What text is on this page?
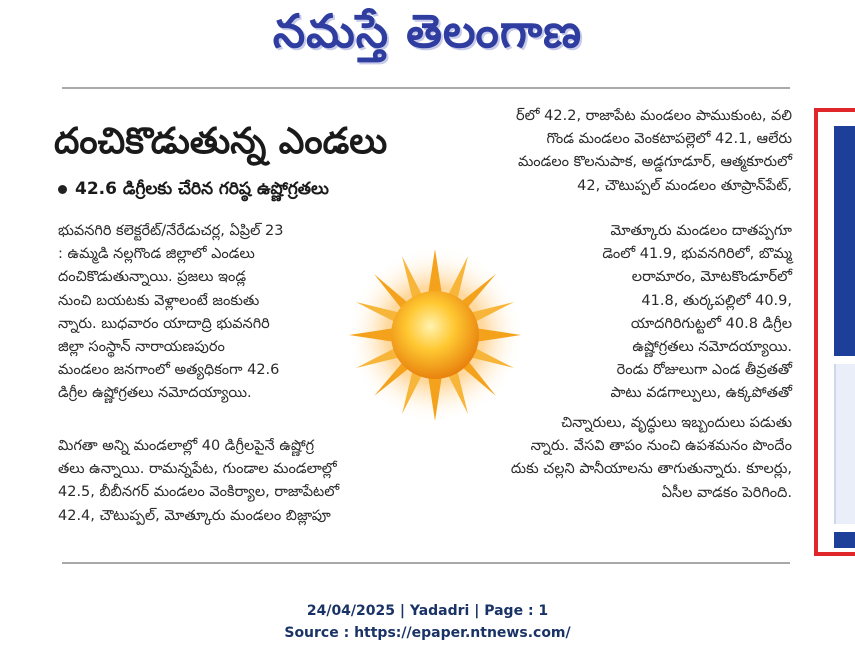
నమస్తే తెలంగాణ
దంచికొడుతున్న ఎండలు
42.6 డిగ్రీలకు చేరిన గరిష్ఠ ఉష్ణోగ్రతలు

భువనగిరి కలెక్టరేట్/నేరేడుచర్ల, ఏప్రిల్ 23

: ఉమ్మడి నల్లగొండ జిల్లాలో ఎండలు

దంచికొడుతున్నాయి. ప్రజలు ఇండ్ల

నుంచి బయటకు వెళ్లాలంటే జంకుతు

న్నారు. బుధవారం యాదాద్రి భువనగిరి

జిల్లా సంస్థాన్ నారాయణపురం

మండలం జనగాంలో అత్యధికంగా 42.6

డిగ్రీల ఉష్ణోగ్రతలు నమోదయ్యాయి.

మిగతా అన్ని మండలాల్లో 40 డిగ్రీలపైనే ఉష్ణోగ్ర

తలు ఉన్నాయి. రామన్నపేట, గుండాల మండలాల్లో

42.5, బీబీనగర్ మండలం వెంకిర్యాల, రాజాపేటలో

42.4, చౌటుప్పల్, మోత్కూరు మండలం బిజ్లాపూ

ర్‌లో 42.2, రాజాపేట మండలం పాముకుంట, వలి

గొండ మండలం వెంకటాపల్లెలో 42.1, ఆలేరు

మండలం కొలనుపాక, అడ్డగూడూర్, ఆత్మకూరులో

42, చౌటుప్పల్ మండలం తూప్రాన్‌పేట్,

మోత్కూరు మండలం దాతప్పగూ

డెంలో 41.9, భువనగిరిలో, బొమ్మ

లరామారం, మోటకొండూర్‌లో

41.8, తుర్కపల్లిలో 40.9,

యాదగిరిగుట్టలో 40.8 డిగ్రీల

ఉష్ణోగ్రతలు నమోదయ్యాయి.

రెండు రోజులుగా ఎండ తీవ్రతతో

పాటు వడగాల్పులు, ఉక్కపోతతో

చిన్నారులు, వృద్ధులు ఇబ్బందులు పడుతు

న్నారు. వేసవి తాపం నుంచి ఉపశమనం పొందేం

దుకు చల్లని పానీయాలను తాగుతున్నారు. కూలర్లు,

ఏసీల వాడకం పెరిగింది.

24/04/2025 | Yadadri | Page : 1
Source : https://epaper.ntnews.com/
